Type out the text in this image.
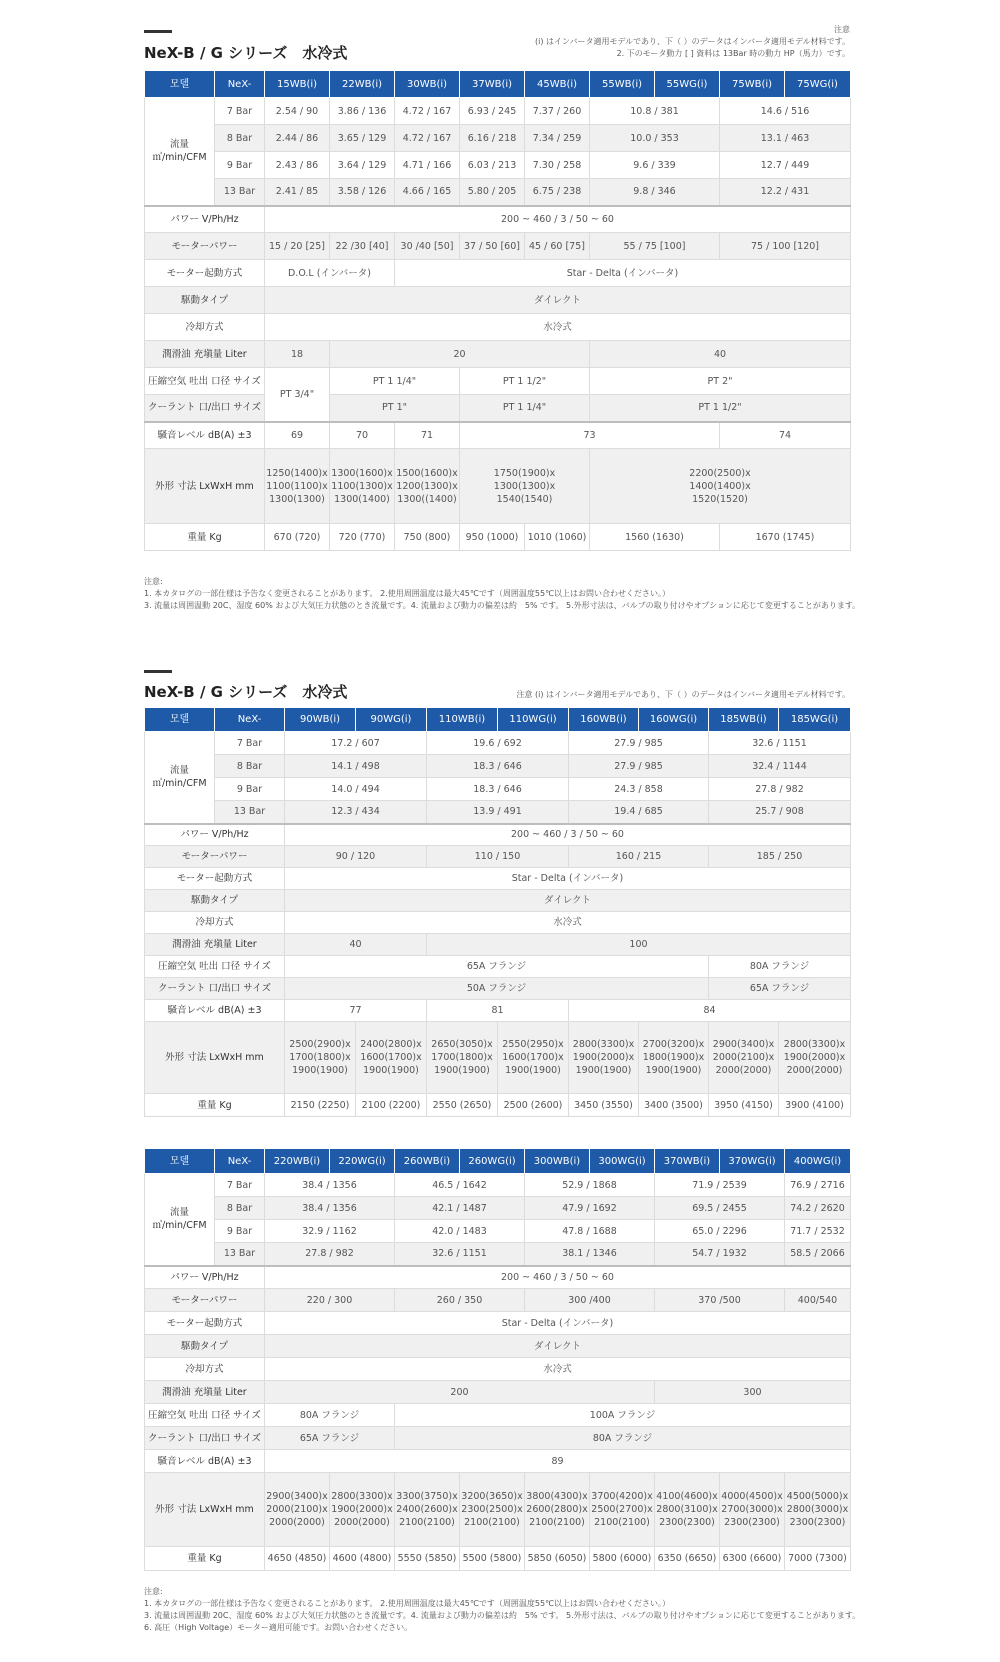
NeX-B / G シリーズ　水冷式
注意
(i) はインバータ適用モデルであり、下（ ）のデータはインバータ適用モデル材料です。
2. 下のモータ動力 [ ] 資料は 13Bar 時の動力 HP（馬力）です。
모델	NeX-	15WB(i)	22WB(i)	30WB(i)	37WB(i)	45WB(i)	55WB(i)	55WG(i)	75WB(i)	75WG(i)
流量
㎥/min/CFM	7 Bar	2.54 / 90	3.86 / 136	4.72 / 167	6.93 / 245	7.37 / 260	10.8 / 381		14.6 / 516	
	8 Bar	2.44 / 86	3.65 / 129	4.72 / 167	6.16 / 218	7.34 / 259	10.0 / 353		13.1 / 463	
	9 Bar	2.43 / 86	3.64 / 129	4.71 / 166	6.03 / 213	7.30 / 258	9.6 / 339		12.7 / 449	
	13 Bar	2.41 / 85	3.58 / 126	4.66 / 165	5.80 / 205	6.75 / 238	9.8 / 346		12.2 / 431	
パワー V/Ph/Hz		200 ~ 460 / 3 / 50 ~ 60								
モーターパワー		15 / 20 [25]	22 /30 [40]	30 /40 [50]	37 / 50 [60]	45 / 60 [75]	55 / 75 [100]		75 / 100 [120]	
モーター起動方式		D.O.L (インバータ)		Star - Delta (インバータ)						
駆動タイプ		ダイレクト								
冷却方式		水冷式								
潤滑油 充塡量 Liter		18	20				40			
圧縮空気 吐出 口径 サイズ		PT 3/4"	PT 1 1/4"		PT 1 1/2"		PT 2"			
クーラント 口/出口 サイズ			PT 1"		PT 1 1/4"		PT 1 1/2"			
騒音レベル dB(A) ±3		69	70	71	73				74	
外形 寸法 LxWxH mm		1250(1400)x
1100(1100)x
1300(1300)	1300(1600)x
1100(1300)x
1300(1400)	1500(1600)x
1200(1300)x
1300((1400)	1750(1900)x
1300(1300)x
1540(1540)		2200(2500)x
1400(1400)x
1520(1520)			
重量 Kg		670 (720)	720 (770)	750 (800)	950 (1000)	1010 (1060)	1560 (1630)		1670 (1745)	
注意:
1. 本カタログの一部仕様は予告なく変更されることがあります。 2.使用周囲温度は最大45℃です（周囲温度55℃以上はお問い合わせください。）
3. 流量は周囲温動 20C、湿度 60% および大気圧力状態のとき流量です。4. 流量および動力の偏差は約　5% です。 5.外形寸法は、バルブの取り付けやオプションに応じて変更することがあります。
NeX-B / G シリーズ　水冷式	注意 (i) はインバータ適用モデルであり、下（ ）のデータはインバータ適用モデル材料です。
모델	NeX-	90WB(i)	90WG(i)	110WB(i)	110WG(i)	160WB(i)	160WG(i)	185WB(i)	185WG(i)
流量
㎥/min/CFM	7 Bar	17.2 / 607		19.6 / 692		27.9 / 985		32.6 / 1151	
	8 Bar	14.1 / 498		18.3 / 646		27.9 / 985		32.4 / 1144	
	9 Bar	14.0 / 494		18.3 / 646		24.3 / 858		27.8 / 982	
	13 Bar	12.3 / 434		13.9 / 491		19.4 / 685		25.7 / 908	
パワー V/Ph/Hz		200 ~ 460 / 3 / 50 ~ 60							
モーターパワー		90 / 120		110 / 150		160 / 215		185 / 250	
モーター起動方式		Star - Delta (インバータ)							
駆動タイプ		ダイレクト							
冷却方式		水冷式							
潤滑油 充塡量 Liter		40		100					
圧縮空気 吐出 口径 サイズ		65A フランジ						80A フランジ	
クーラント 口/出口 サイズ		50A フランジ						65A フランジ	
騒音レベル dB(A) ±3		77		81		84			
外形 寸法 LxWxH mm		2500(2900)x
1700(1800)x
1900(1900)	2400(2800)x
1600(1700)x
1900(1900)	2650(3050)x
1700(1800)x
1900(1900)	2550(2950)x
1600(1700)x
1900(1900)	2800(3300)x
1900(2000)x
1900(1900)	2700(3200)x
1800(1900)x
1900(1900)	2900(3400)x
2000(2100)x
2000(2000)	2800(3300)x
1900(2000)x
2000(2000)
重量 Kg		2150 (2250)	2100 (2200)	2550 (2650)	2500 (2600)	3450 (3550)	3400 (3500)	3950 (4150)	3900 (4100)
모델	NeX-	220WB(i)	220WG(i)	260WB(i)	260WG(i)	300WB(i)	300WG(i)	370WB(i)	370WG(i)	400WG(i)
流量
㎥/min/CFM	7 Bar	38.4 / 1356		46.5 / 1642		52.9 / 1868		71.9 / 2539		76.9 / 2716
	8 Bar	38.4 / 1356		42.1 / 1487		47.9 / 1692		69.5 / 2455		74.2 / 2620
	9 Bar	32.9 / 1162		42.0 / 1483		47.8 / 1688		65.0 / 2296		71.7 / 2532
	13 Bar	27.8 / 982		32.6 / 1151		38.1 / 1346		54.7 / 1932		58.5 / 2066
パワー V/Ph/Hz		200 ~ 460 / 3 / 50 ~ 60								
モーターパワー		220 / 300		260 / 350		300 /400		370 /500		400/540
モーター起動方式		Star - Delta (インバータ)								
駆動タイプ		ダイレクト								
冷却方式		水冷式								
潤滑油 充塡量 Liter		200						300		
圧縮空気 吐出 口径 サイズ		80A フランジ		100A フランジ						
クーラント 口/出口 サイズ		65A フランジ		80A フランジ						
騒音レベル dB(A) ±3		89								
外形 寸法 LxWxH mm		2900(3400)x
2000(2100)x
2000(2000)	2800(3300)x
1900(2000)x
2000(2000)	3300(3750)x
2400(2600)x
2100(2100)	3200(3650)x
2300(2500)x
2100(2100)	3800(4300)x
2600(2800)x
2100(2100)	3700(4200)x
2500(2700)x
2100(2100)	4100(4600)x
2800(3100)x
2300(2300)	4000(4500)x
2700(3000)x
2300(2300)	4500(5000)x
2800(3000)x
2300(2300)
重量 Kg		4650 (4850)	4600 (4800)	5550 (5850)	5500 (5800)	5850 (6050)	5800 (6000)	6350 (6650)	6300 (6600)	7000 (7300)
注意:
1. 本カタログの一部仕様は予告なく変更されることがあります。 2.使用周囲温度は最大45℃です（周囲温度55℃以上はお問い合わせください。）
3. 流量は周囲温動 20C、湿度 60% および大気圧力状態のとき流量です。4. 流量および動力の偏差は約　5% です。 5.外形寸法は、バルブの取り付けやオプションに応じて変更することがあります。
6. 高圧（High Voltage）モーター適用可能です。お問い合わせください。
